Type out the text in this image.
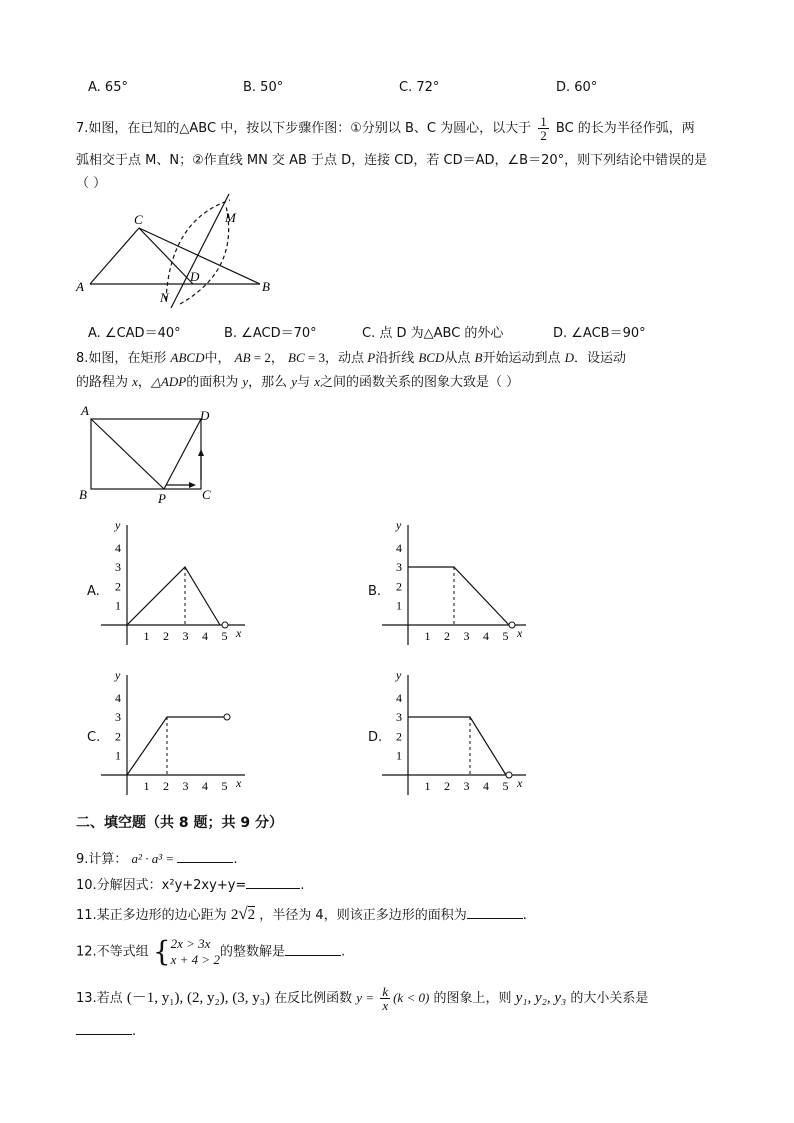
A. 65°	B. 50°	C. 72°	D. 60°
7.如图，在已知的△ABC 中，按以下步骤作图：①分别以 B、C 为圆心，以大于 $\frac{1}{2}$ BC 的长为半径作弧，两
弧相交于点 M、N；②作直线 MN 交 AB 于点 D，连接 CD，若 CD＝AD，∠B＝20°，则下列结论中错误的是
（ ）
A	B
C
D
M
N
A. ∠CAD＝40°	B. ∠ACD＝70°	C. 点 D 为△ABC 的外心	D. ∠ACB＝90°
8.如图，在矩形 ABCD中， AB = 2， BC = 3，动点 P沿折线 BCD从点 B开始运动到点 D．设运动
的路程为 x，△ADP的面积为 y，那么 y与 x之间的函数关系的图象大致是（ ）
A	D
B	C
P
A.	B.
C.	D.
x
y
1 2 3 4 5
1
2
3
4
x
y
1 2 3 4 5
1
2
3
4
x
y
1 2 3 4 5
1
2
3
4
x
y
1 2 3 4 5
1
2
3
4
二、填空题（共 8 题；共 9 分）
9.计算： a² · a³ =	.
10.分解因式：x²y+2xy+y=	.
11.某正多边形的边心距为 2√2 ，半径为 4，则该正多边形的面积为	.
12.不等式组 {2x > 3x
x + 4 > 2的整数解是	.
13.若点 (－1, y₁), (2, y₂), (3, y₃) 在反比例函数 $y = \frac{k}{x} (k < 0)$ 的图象上，则 y₁, y₂, y₃ 的大小关系是
.
